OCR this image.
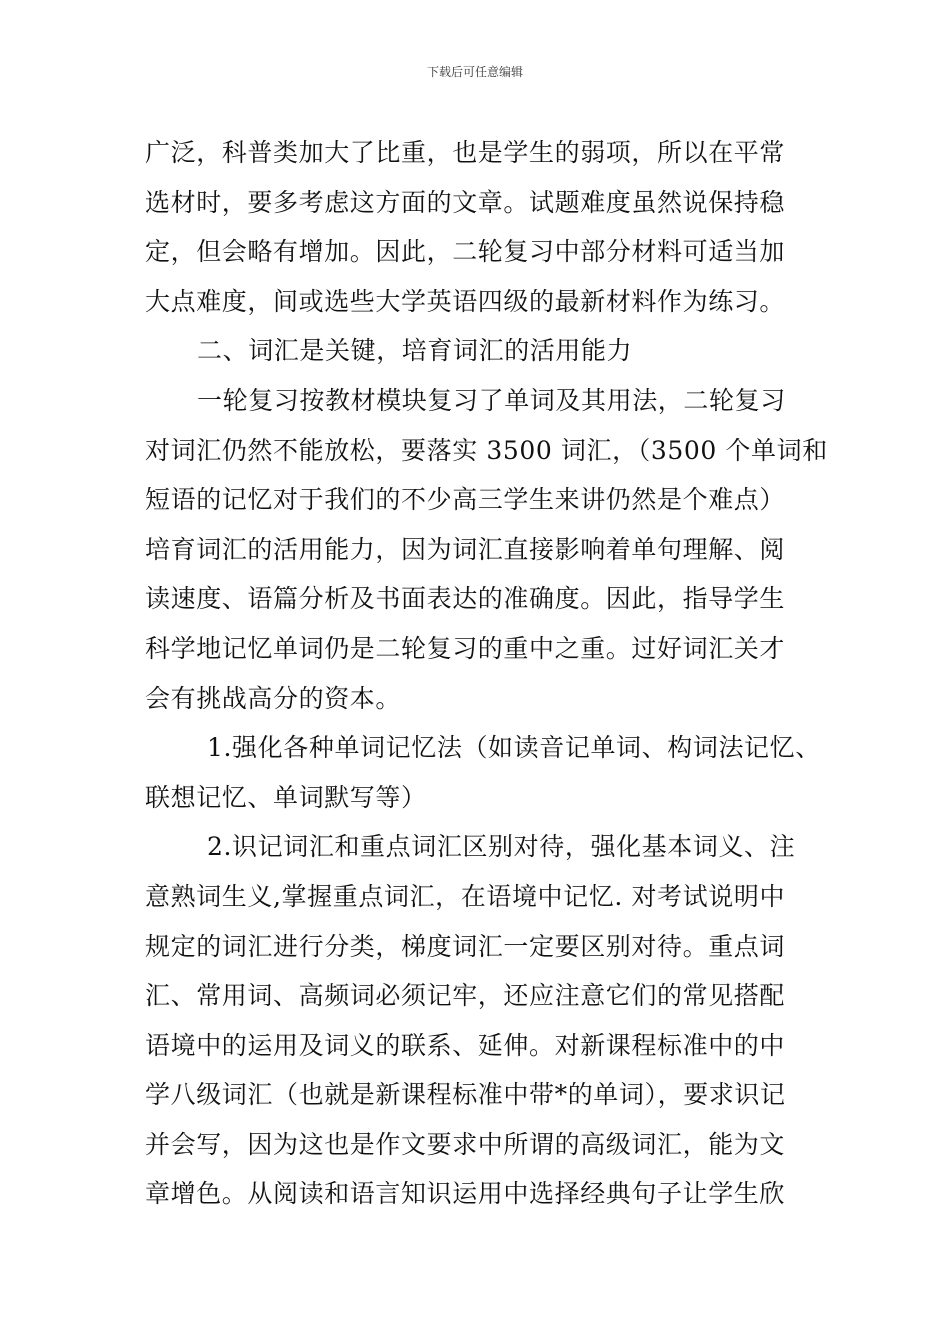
下载后可任意编辑
广泛，科普类加大了比重，也是学生的弱项，所以在平常
选材时，要多考虑这方面的文章。试题难度虽然说保持稳
定，但会略有增加。因此，二轮复习中部分材料可适当加
大点难度，间或选些大学英语四级的最新材料作为练习。
二、词汇是关键，培育词汇的活用能力
一轮复习按教材模块复习了单词及其用法，二轮复习
对词汇仍然不能放松，要落实 3500 词汇，（3500 个单词和
短语的记忆对于我们的不少高三学生来讲仍然是个难点）
培育词汇的活用能力，因为词汇直接影响着单句理解、阅
读速度、语篇分析及书面表达的准确度。因此，指导学生
科学地记忆单词仍是二轮复习的重中之重。过好词汇关才
会有挑战高分的资本。
1.强化各种单词记忆法（如读音记单词、构词法记忆、
联想记忆、单词默写等）
2.识记词汇和重点词汇区别对待，强化基本词义、注
意熟词生义,掌握重点词汇，在语境中记忆. 对考试说明中
规定的词汇进行分类，梯度词汇一定要区别对待。重点词
汇、常用词、高频词必须记牢，还应注意它们的常见搭配
语境中的运用及词义的联系、延伸。对新课程标准中的中
学八级词汇（也就是新课程标准中带*的单词），要求识记
并会写，因为这也是作文要求中所谓的高级词汇，能为文
章增色。从阅读和语言知识运用中选择经典句子让学生欣
